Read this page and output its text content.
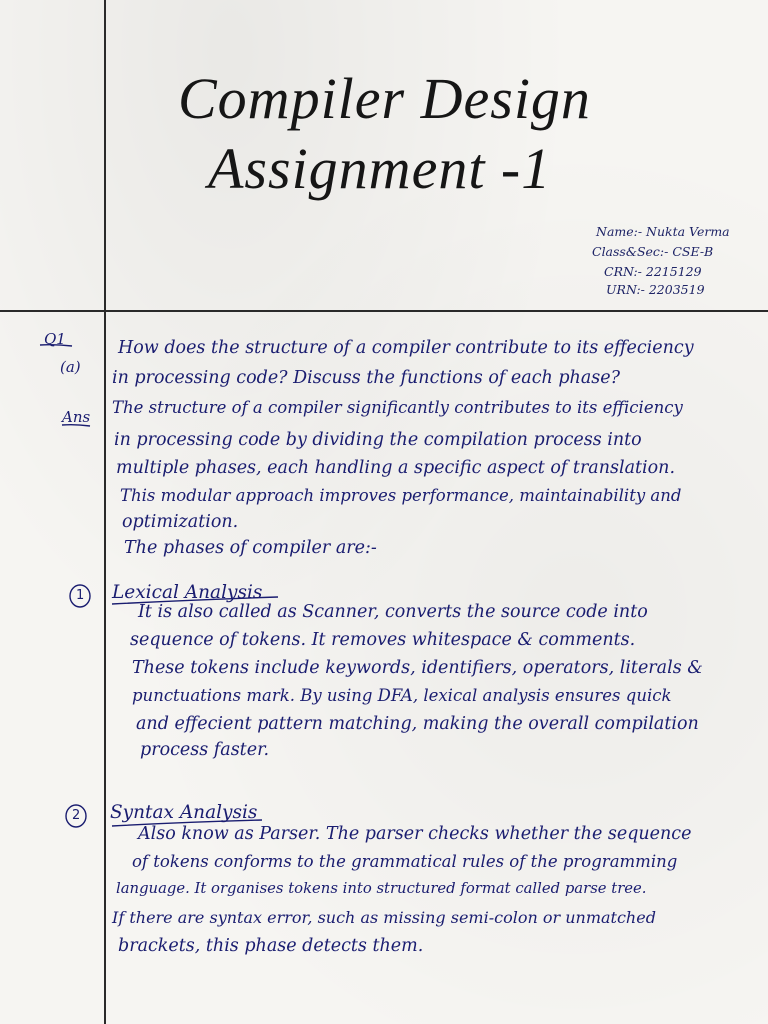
Compiler Design

Assignment -1

Name:- Nukta Verma

Class&Sec:- CSE-B

CRN:- 2215129

URN:- 2203519

Q1

(a)

How does the structure of a compiler contribute to its effeciency

in processing code? Discuss the functions of each phase?

Ans The structure of a compiler significantly contributes to its efficiency

in processing code by dividing the compilation process into

multiple phases, each handling a specific aspect of translation.

This modular approach improves performance, maintainability and

optimization.

The phases of compiler are:-

1 Lexical Analysis

It is also called as Scanner, converts the source code into

sequence of tokens. It removes whitespace & comments.

These tokens include keywords, identifiers, operators, literals &

punctuations mark. By using DFA, lexical analysis ensures quick

and effecient pattern matching, making the overall compilation

process faster.

2 Syntax Analysis

Also know as Parser. The parser checks whether the sequence

of tokens conforms to the grammatical rules of the programming

language. It organises tokens into structured format called parse tree.

If there are syntax error, such as missing semi-colon or unmatched

brackets, this phase detects them.
